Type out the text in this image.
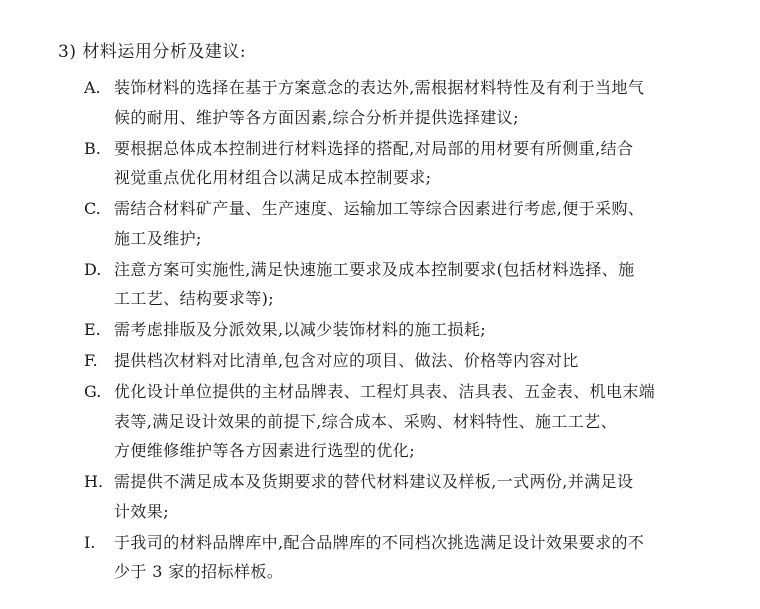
3) 材料运用分析及建议:
A. 装饰材料的选择在基于方案意念的表达外,需根据材料特性及有利于当地气
候的耐用、维护等各方面因素,综合分析并提供选择建议;
B. 要根据总体成本控制进行材料选择的搭配,对局部的用材要有所侧重,结合
视觉重点优化用材组合以满足成本控制要求;
C. 需结合材料矿产量、生产速度、运输加工等综合因素进行考虑,便于采购、
施工及维护;
D. 注意方案可实施性,满足快速施工要求及成本控制要求(包括材料选择、施
工工艺、结构要求等);
E. 需考虑排版及分派效果,以减少装饰材料的施工损耗;
F. 提供档次材料对比清单,包含对应的项目、做法、价格等内容对比
G. 优化设计单位提供的主材品牌表、工程灯具表、洁具表、五金表、机电末端
表等,满足设计效果的前提下,综合成本、采购、材料特性、施工工艺、
方便维修维护等各方因素进行选型的优化;
H. 需提供不满足成本及货期要求的替代材料建议及样板,一式两份,并满足设
计效果;
I. 于我司的材料品牌库中,配合品牌库的不同档次挑选满足设计效果要求的不
少于 3 家的招标样板。
